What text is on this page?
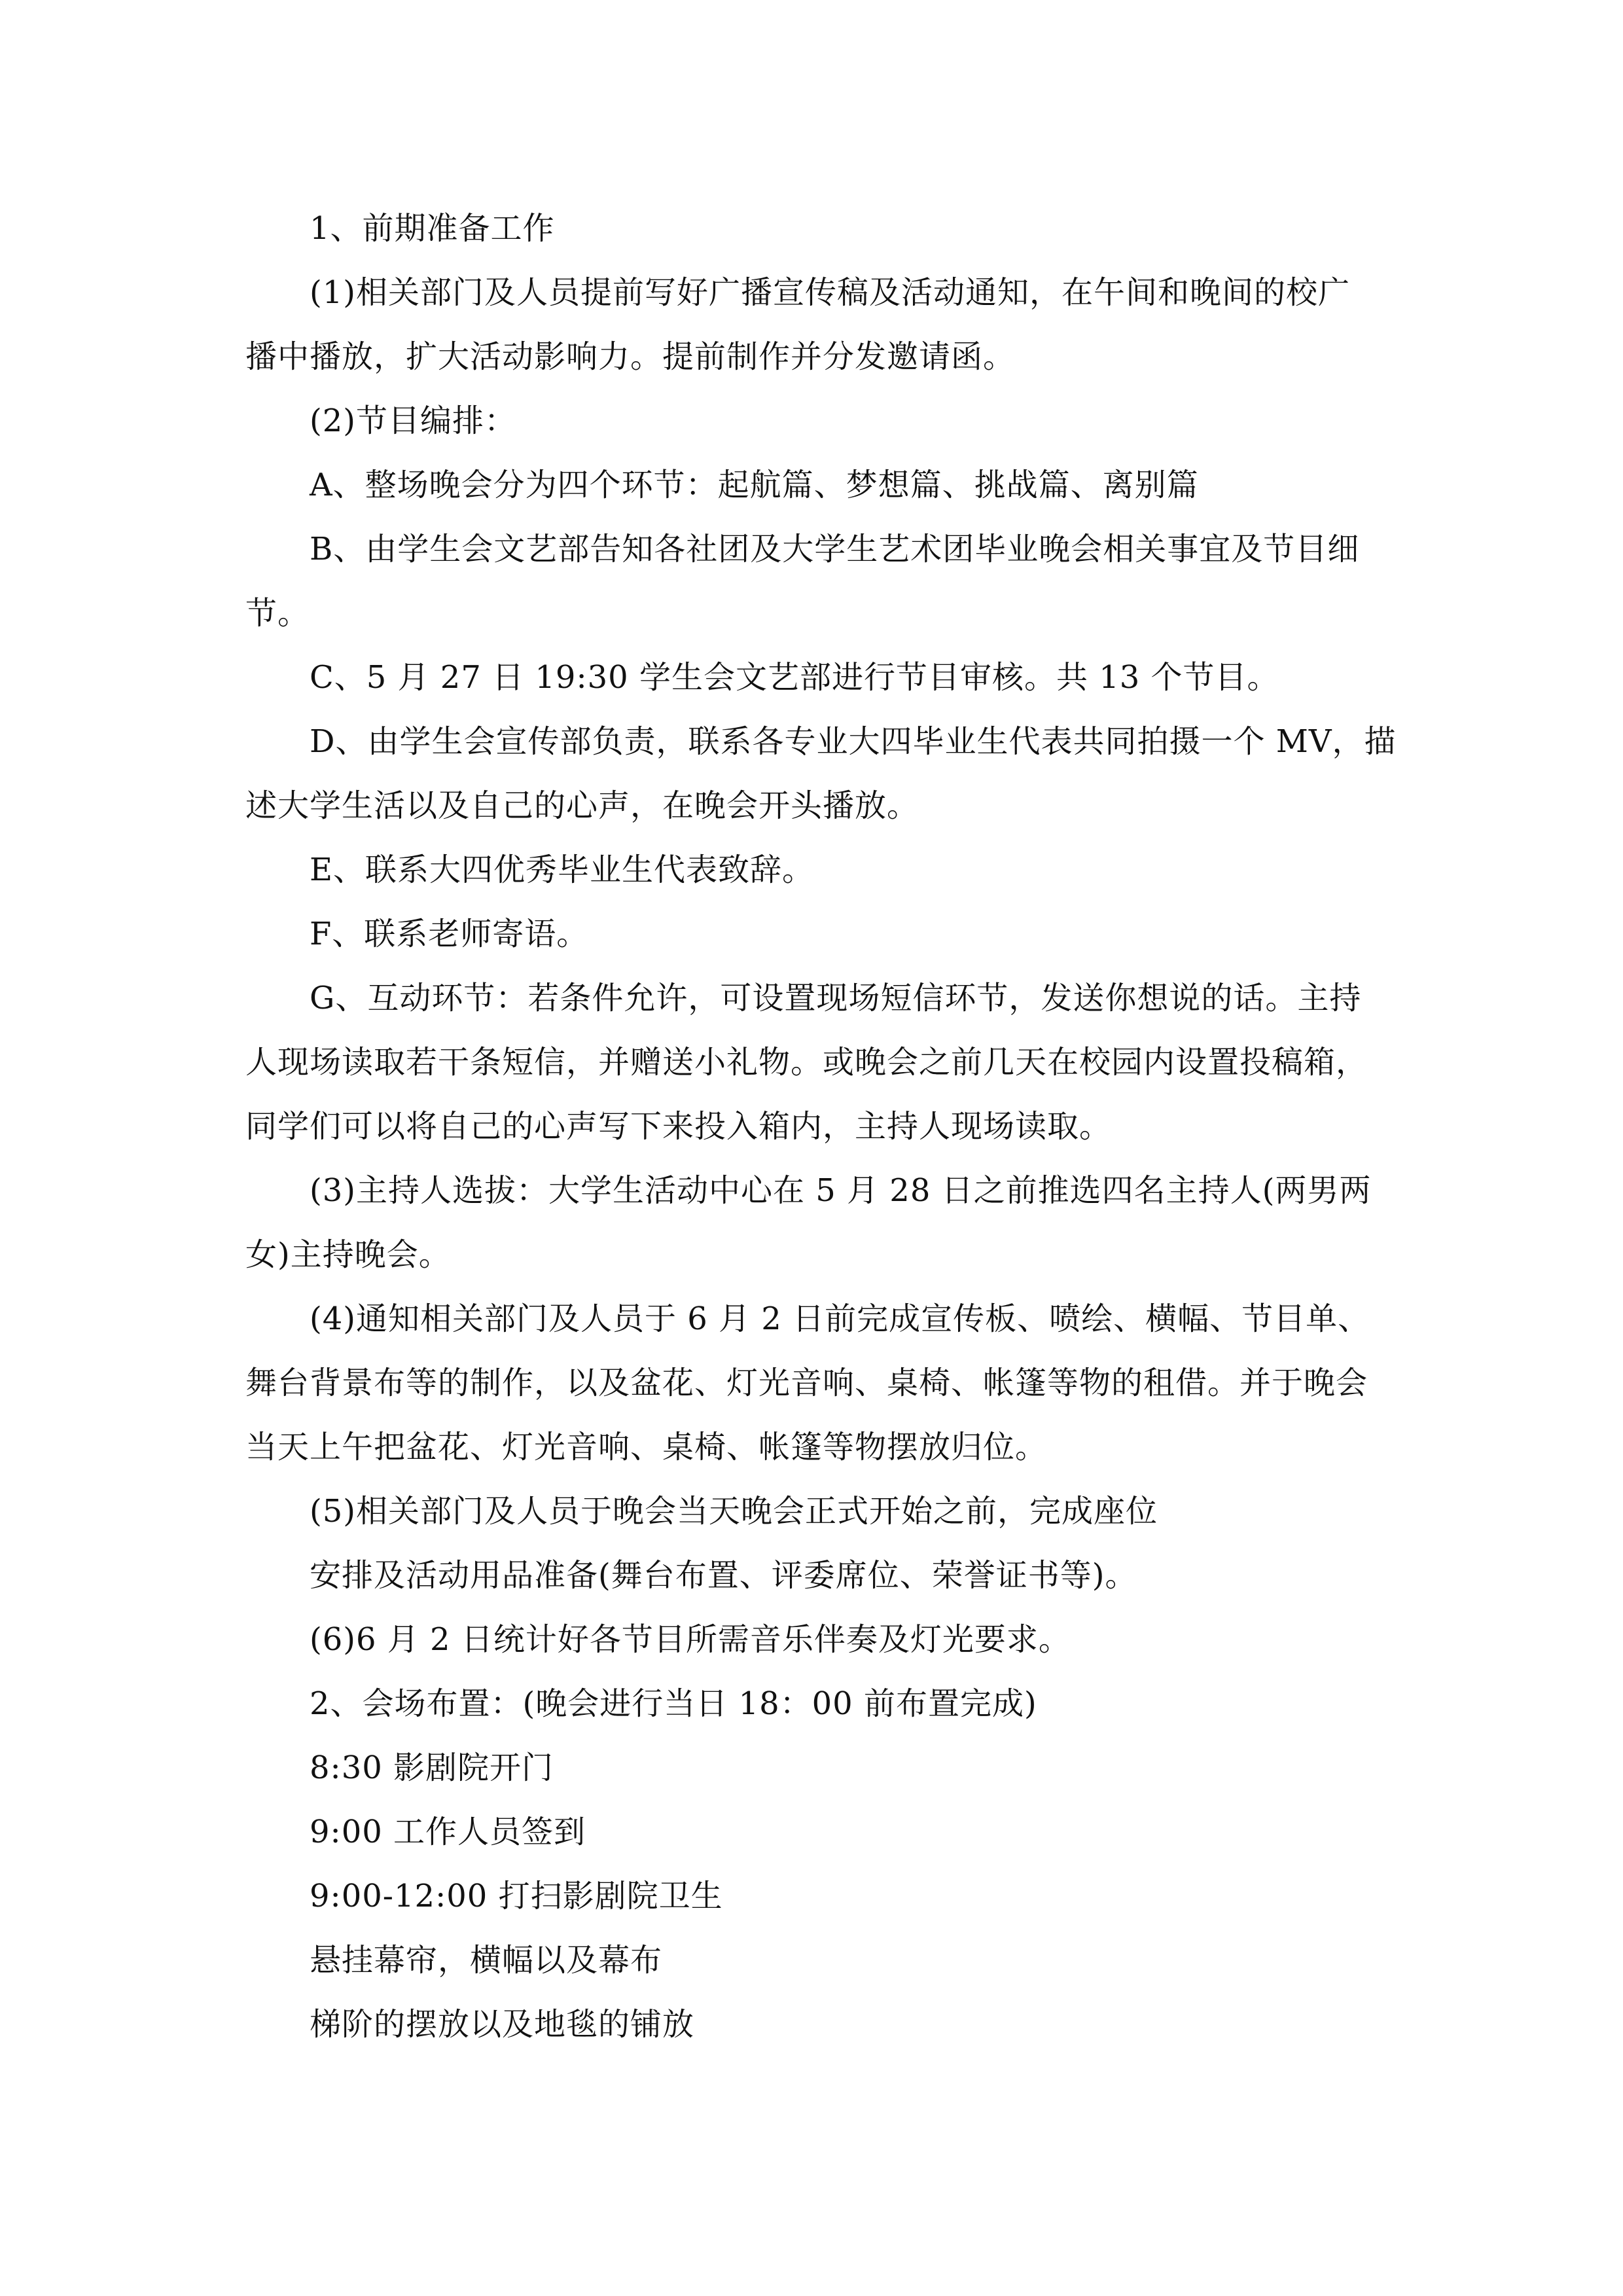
1、前期准备工作
(1)相关部门及人员提前写好广播宣传稿及活动通知，在午间和晚间的校广
播中播放，扩大活动影响力。提前制作并分发邀请函。
(2)节目编排：
A、整场晚会分为四个环节：起航篇、梦想篇、挑战篇、离别篇
B、由学生会文艺部告知各社团及大学生艺术团毕业晚会相关事宜及节目细
节。
C、5 月 27 日 19:30 学生会文艺部进行节目审核。共 13 个节目。
D、由学生会宣传部负责，联系各专业大四毕业生代表共同拍摄一个 MV，描
述大学生活以及自己的心声，在晚会开头播放。
E、联系大四优秀毕业生代表致辞。
F、联系老师寄语。
G、互动环节：若条件允许，可设置现场短信环节，发送你想说的话。主持
人现场读取若干条短信，并赠送小礼物。或晚会之前几天在校园内设置投稿箱，
同学们可以将自己的心声写下来投入箱内，主持人现场读取。
(3)主持人选拔：大学生活动中心在 5 月 28 日之前推选四名主持人(两男两
女)主持晚会。
(4)通知相关部门及人员于 6 月 2 日前完成宣传板、喷绘、横幅、节目单、
舞台背景布等的制作，以及盆花、灯光音响、桌椅、帐篷等物的租借。并于晚会
当天上午把盆花、灯光音响、桌椅、帐篷等物摆放归位。
(5)相关部门及人员于晚会当天晚会正式开始之前，完成座位
安排及活动用品准备(舞台布置、评委席位、荣誉证书等)。
(6)6 月 2 日统计好各节目所需音乐伴奏及灯光要求。
2、会场布置：(晚会进行当日 18：00 前布置完成)
8:30 影剧院开门
9:00 工作人员签到
9:00-12:00 打扫影剧院卫生
悬挂幕帘，横幅以及幕布
梯阶的摆放以及地毯的铺放
